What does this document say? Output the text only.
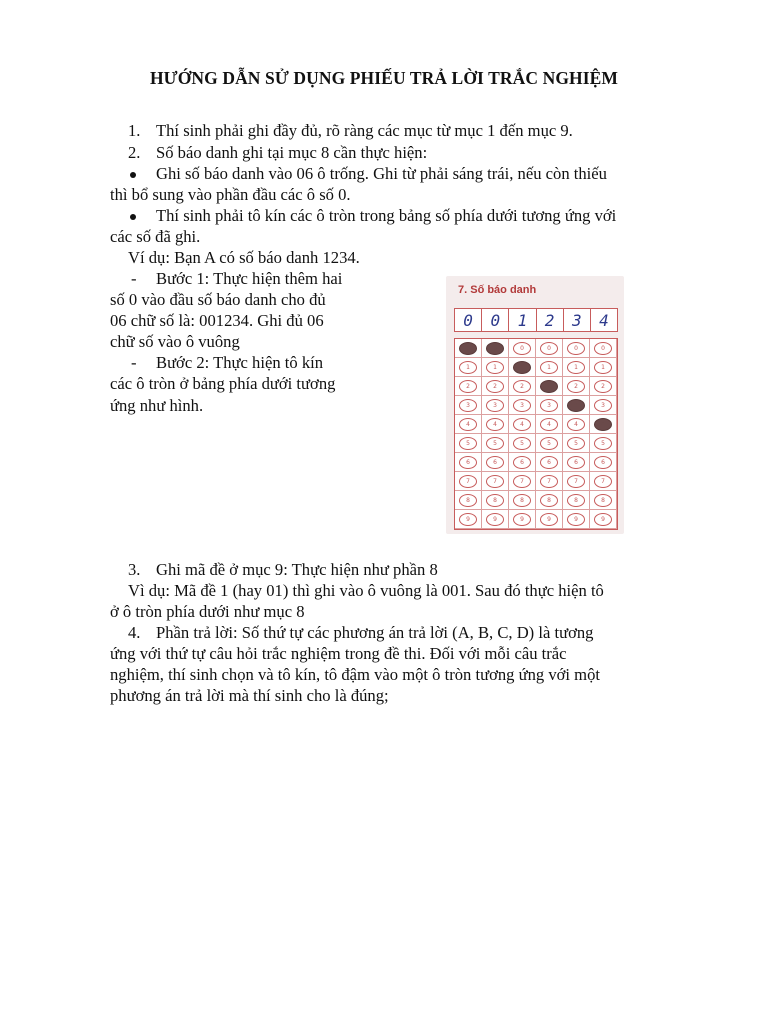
HƯỚNG DẪN SỬ DỤNG PHIẾU TRẢ LỜI TRẮC NGHIỆM
1. Thí sinh phải ghi đầy đủ, rõ ràng các mục từ mục 1 đến mục 9.
2. Số báo danh ghi tại mục 8 cần thực hiện:
Ghi số báo danh vào 06 ô trống. Ghi từ phải sáng trái, nếu còn thiếu
thì bổ sung vào phần đầu các ô số 0.
Thí sinh phải tô kín các ô tròn trong bảng số phía dưới tương ứng với
các số đã ghi.
Ví dụ: Bạn A có số báo danh 1234.
- Bước 1: Thực hiện thêm hai
số 0 vào đầu số báo danh cho đủ
06 chữ số là: 001234. Ghi đủ 06
chữ số vào ô vuông
- Bước 2: Thực hiện tô kín
các ô tròn ở bảng phía dưới tương
ứng như hình.
7. Số báo danh
0	0	1	2	3	4
0	0	0	0	0	0
1	1	1	1	1	1
2	2	2	2	2	2
3	3	3	3	3	3
4	4	4	4	4	4
5	5	5	5	5	5
6	6	6	6	6	6
7	7	7	7	7	7
8	8	8	8	8	8
9	9	9	9	9	9
3. Ghi mã đề ở mục 9: Thực hiện như phần 8
Vì dụ: Mã đề 1 (hay 01) thì ghi vào ô vuông là 001. Sau đó thực hiện tô
ở ô tròn phía dưới như mục 8
4. Phần trả lời: Số thứ tự các phương án trả lời (A, B, C, D) là tương
ứng với thứ tự câu hỏi trắc nghiệm trong đề thi. Đối với mỗi câu trắc
nghiệm, thí sinh chọn và tô kín, tô đậm vào một ô tròn tương ứng với một
phương án trả lời mà thí sinh cho là đúng;
